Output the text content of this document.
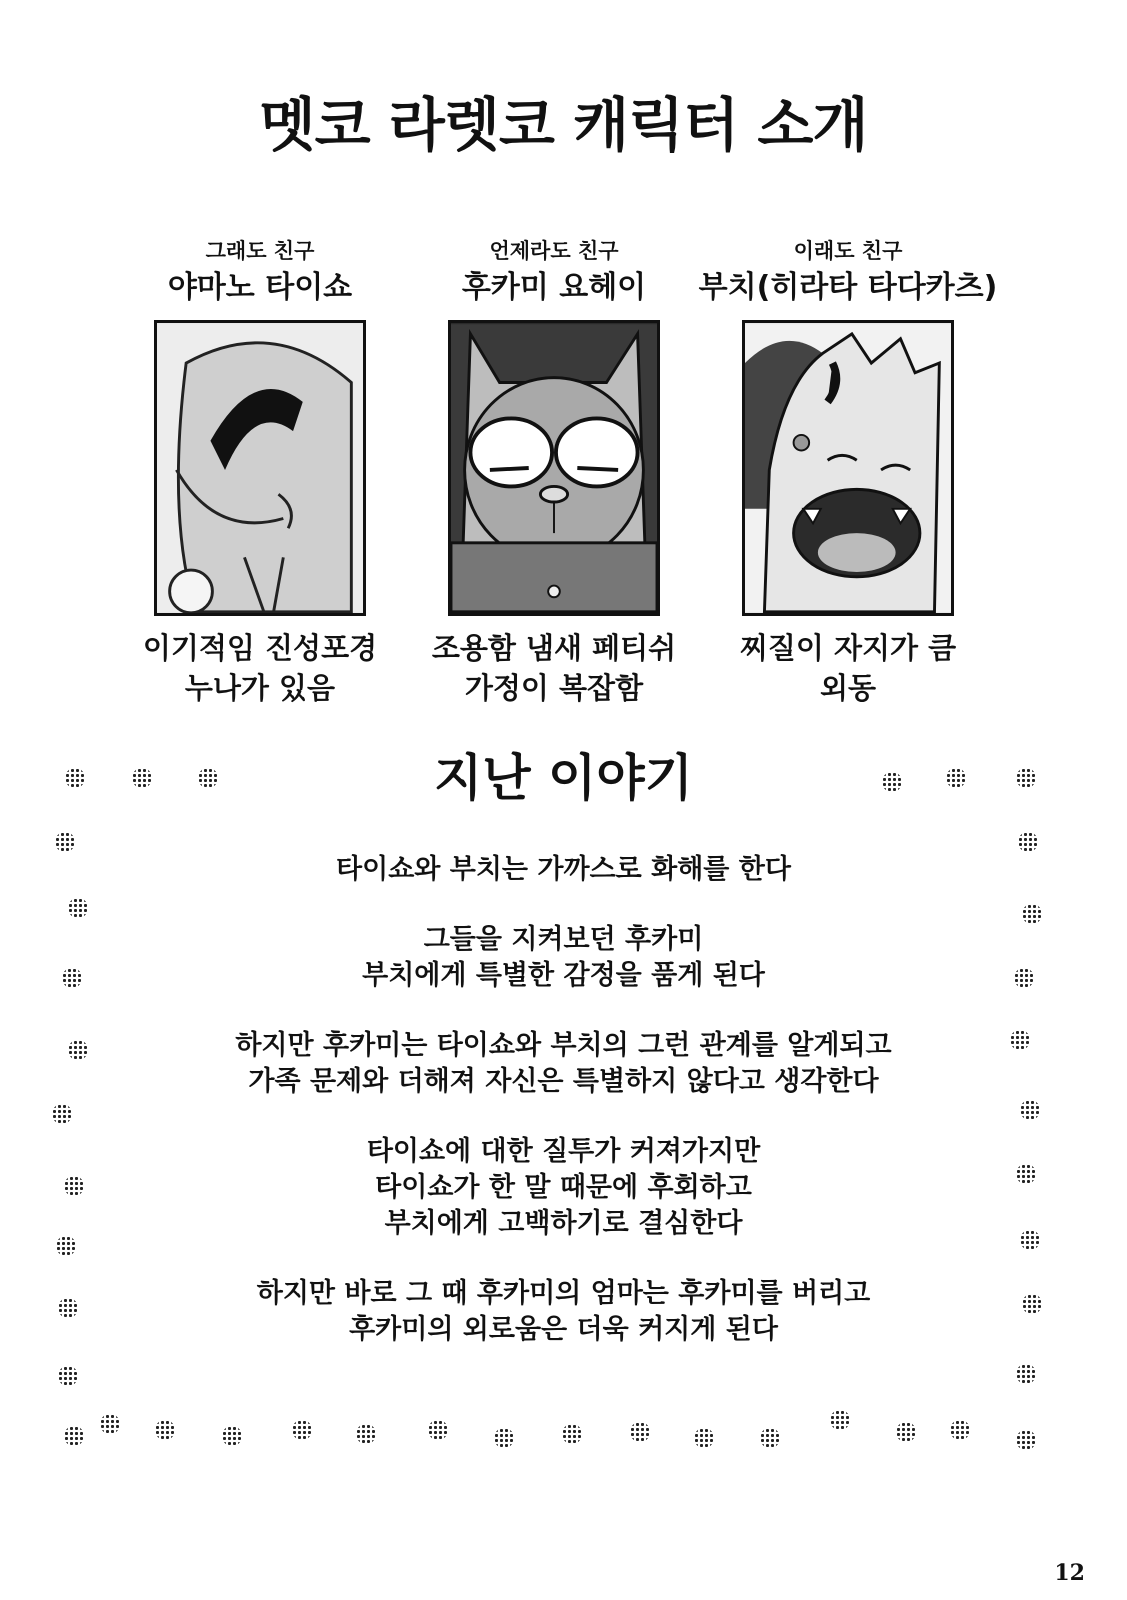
멧코 라렛코 캐릭터 소개
그래도 친구
야마노 타이쇼
이기적임 진성포경
누나가 있음
언제라도 친구
후카미 요헤이
조용함 냄새 페티쉬
가정이 복잡함
이래도 친구
부치(히라타 타다카츠)
찌질이 자지가 큼
외동
지난 이야기

타이쇼와 부치는 가까스로 화해를 한다

그들을 지켜보던 후카미
부치에게 특별한 감정을 품게 된다

하지만 후카미는 타이쇼와 부치의 그런 관계를 알게되고
가족 문제와 더해져 자신은 특별하지 않다고 생각한다

타이쇼에 대한 질투가 커져가지만
타이쇼가 한 말 때문에 후회하고
부치에게 고백하기로 결심한다

하지만 바로 그 때 후카미의 엄마는 후카미를 버리고
후카미의 외로움은 더욱 커지게 된다

12
